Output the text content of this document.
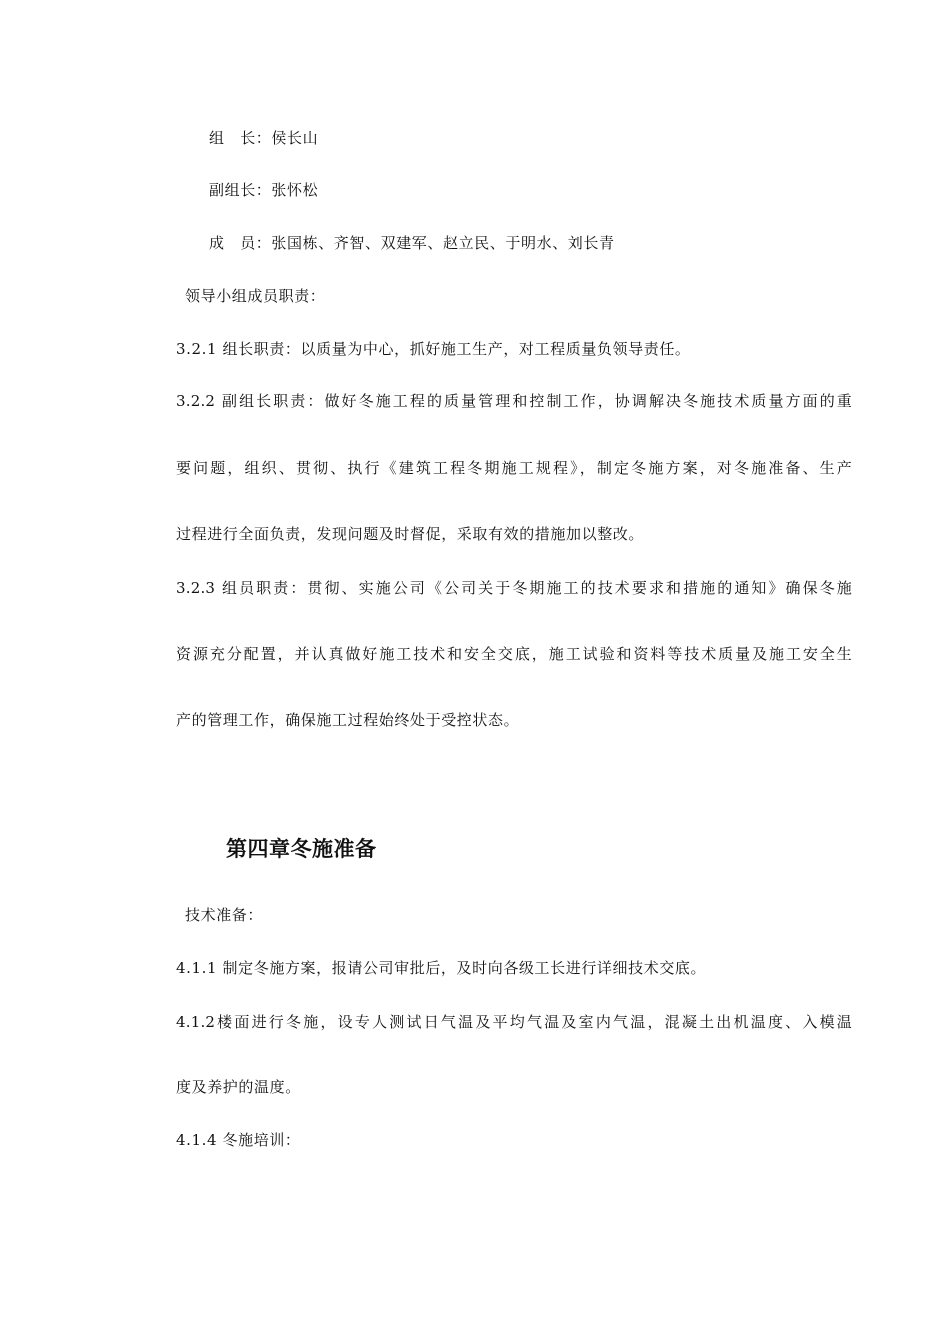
组　长：侯长山
副组长：张怀松
成　员：张国栋、齐智、双建军、赵立民、于明水、刘长青
领导小组成员职责：
3.2.1 组长职责：以质量为中心，抓好施工生产，对工程质量负领导责任。
3.2.2 副组长职责：做好冬施工程的质量管理和控制工作，协调解决冬施技术质量方面的重
要问题，组织、贯彻、执行《建筑工程冬期施工规程》，制定冬施方案，对冬施准备、生产
过程进行全面负责，发现问题及时督促，采取有效的措施加以整改。
3.2.3 组员职责：贯彻、实施公司《公司关于冬期施工的技术要求和措施的通知》确保冬施
资源充分配置，并认真做好施工技术和安全交底，施工试验和资料等技术质量及施工安全生
产的管理工作，确保施工过程始终处于受控状态。
第四章冬施准备
技术准备：
4.1.1 制定冬施方案，报请公司审批后，及时向各级工长进行详细技术交底。
4.1.2楼面进行冬施，设专人测试日气温及平均气温及室内气温，混凝土出机温度、入模温
度及养护的温度。
4.1.4 冬施培训：
